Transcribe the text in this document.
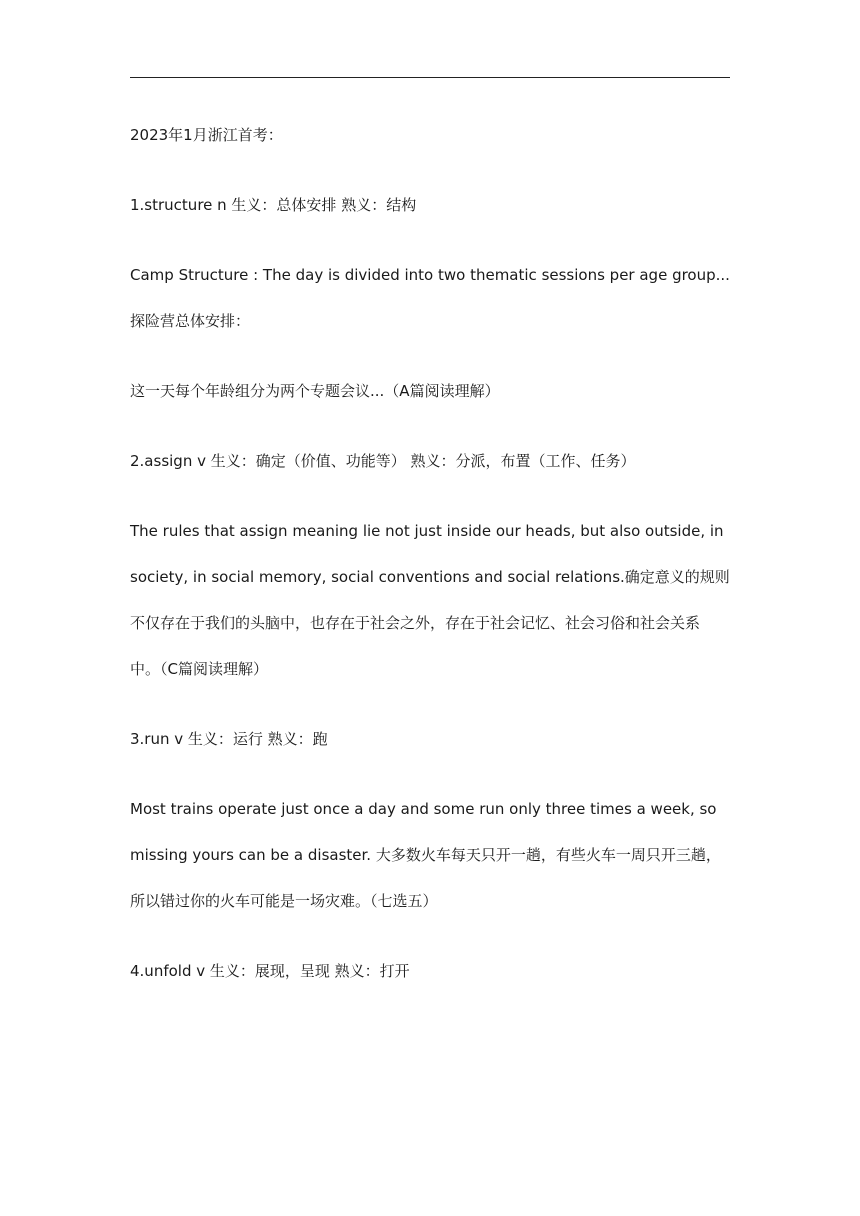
2023年1月浙江首考：

1.structure n 生义：总体安排 熟义：结构

Camp Structure : The day is divided into two thematic sessions per age group...
探险营总体安排：

这一天每个年龄组分为两个专题会议...（A篇阅读理解）

2.assign v 生义：确定（价值、功能等） 熟义：分派，布置（工作、任务）

The rules that assign meaning lie not just inside our heads, but also outside, in
society, in social memory, social conventions and social relations.确定意义的规则
不仅存在于我们的头脑中，也存在于社会之外，存在于社会记忆、社会习俗和社会关系
中。（C篇阅读理解）

3.run v 生义：运行 熟义：跑

Most trains operate just once a day and some run only three times a week, so
missing yours can be a disaster. 大多数火车每天只开一趟，有些火车一周只开三趟，
所以错过你的火车可能是一场灾难。（七选五）

4.unfold v 生义：展现，呈现 熟义：打开
